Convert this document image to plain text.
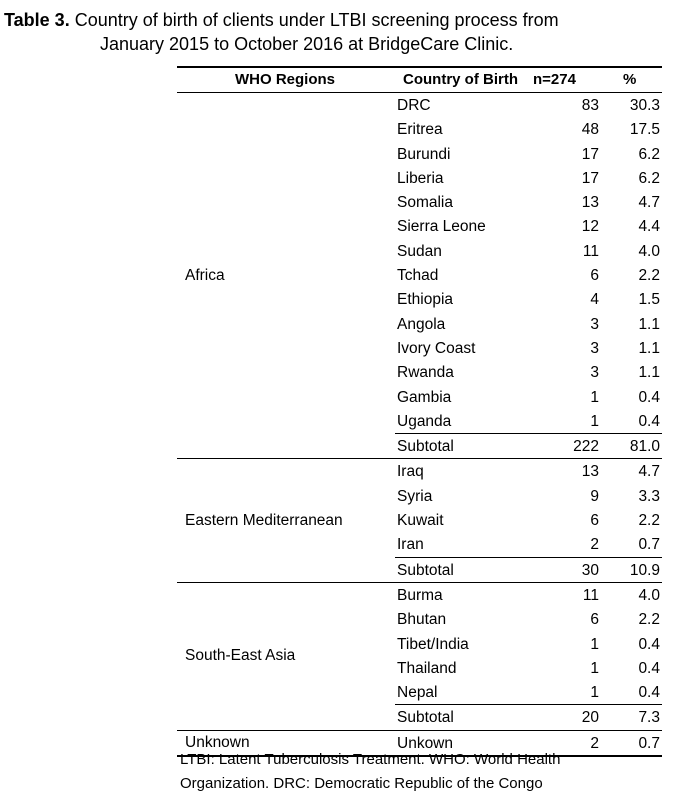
Table 3. Country of birth of clients under LTBI screening process from
January 2015 to October 2016 at BridgeCare Clinic.
WHO Regions	Country of Birth n=274	%
Africa
DRC	83 30.3
Eritrea	48 17.5
Burundi	17	6.2
Liberia	17	6.2
Somalia	13	4.7
Sierra Leone	12	4.4
Sudan	11	4.0
Tchad	6	2.2
Ethiopia	4	1.5
Angola	3	1.1
Ivory Coast	3	1.1
Rwanda	3	1.1
Gambia	1	0.4
Uganda	1	0.4
Subtotal	222 81.0
Eastern Mediterranean
Iraq	13	4.7
Syria	9	3.3
Kuwait	6	2.2
Iran	2	0.7
Subtotal	30 10.9
South-East Asia
Burma	11	4.0
Bhutan	6	2.2
Tibet/India	1	0.4
Thailand	1	0.4
Nepal	1	0.4
Subtotal	20	7.3
Unknown	Unkown	2	0.7
LTBI: Latent Tuberculosis Treatment. WHO: World Health Organization. DRC: Democratic Republic of the Congo
